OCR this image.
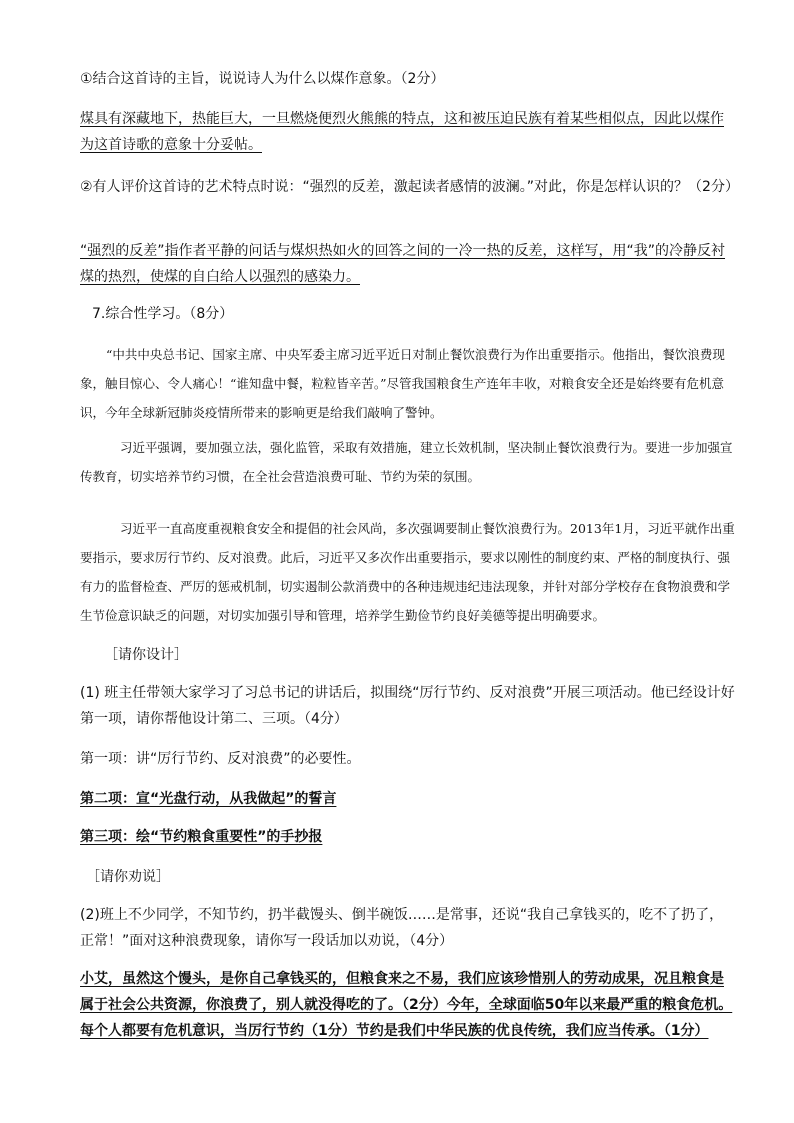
①结合这首诗的主旨，说说诗人为什么以煤作意象。（2分）
煤具有深藏地下，热能巨大，一旦燃烧便烈火熊熊的特点，这和被压迫民族有着某些相似点，因此以煤作为这首诗歌的意象十分妥帖。
②有人评价这首诗的艺术特点时说：“强烈的反差，激起读者感情的波澜。”对此，你是怎样认识的？（2分）
“强烈的反差”指作者平静的问话与煤炽热如火的回答之间的一冷一热的反差，这样写，用“我”的冷静反衬煤的热烈，使煤的自白给人以强烈的感染力。
7.综合性学习。（8分）
“中共中央总书记、国家主席、中央军委主席习近平近日对制止餐饮浪费行为作出重要指示。他指出，餐饮浪费现象，触目惊心、令人痛心！“谁知盘中餐，粒粒皆辛苦。”尽管我国粮食生产连年丰收，对粮食安全还是始终要有危机意识，今年全球新冠肺炎疫情所带来的影响更是给我们敲响了警钟。
习近平强调，要加强立法，强化监管，采取有效措施，建立长效机制，坚决制止餐饮浪费行为。要进一步加强宣传教育，切实培养节约习惯，在全社会营造浪费可耻、节约为荣的氛围。
习近平一直高度重视粮食安全和提倡的社会风尚，多次强调要制止餐饮浪费行为。2013年1月，习近平就作出重要指示，要求厉行节约、反对浪费。此后，习近平又多次作出重要指示，要求以刚性的制度约束、严格的制度执行、强有力的监督检查、严厉的惩戒机制，切实遏制公款消费中的各种违规违纪违法现象，并针对部分学校存在食物浪费和学生节俭意识缺乏的问题，对切实加强引导和管理，培养学生勤俭节约良好美德等提出明确要求。
［请你设计］
(1) 班主任带领大家学习了习总书记的讲话后，拟围绕“厉行节约、反对浪费”开展三项活动。他已经设计好第一项，请你帮他设计第二、三项。（4分）
第一项：讲“厉行节约、反对浪费”的必要性。
第二项：宣“光盘行动，从我做起”的誓言
第三项：绘“节约粮食重要性”的手抄报
［请你劝说］
(2)班上不少同学，不知节约，扔半截馒头、倒半碗饭……是常事，还说“我自己拿钱买的，吃不了扔了，正常！”面对这种浪费现象，请你写一段话加以劝说，（4分）
小艾，虽然这个馒头，是你自己拿钱买的，但粮食来之不易，我们应该珍惜别人的劳动成果，况且粮食是属于社会公共资源，你浪费了，别人就没得吃的了。（2分）今年，全球面临50年以来最严重的粮食危机。每个人都要有危机意识，当厉行节约（1分）节约是我们中华民族的优良传统，我们应当传承。（1分）
